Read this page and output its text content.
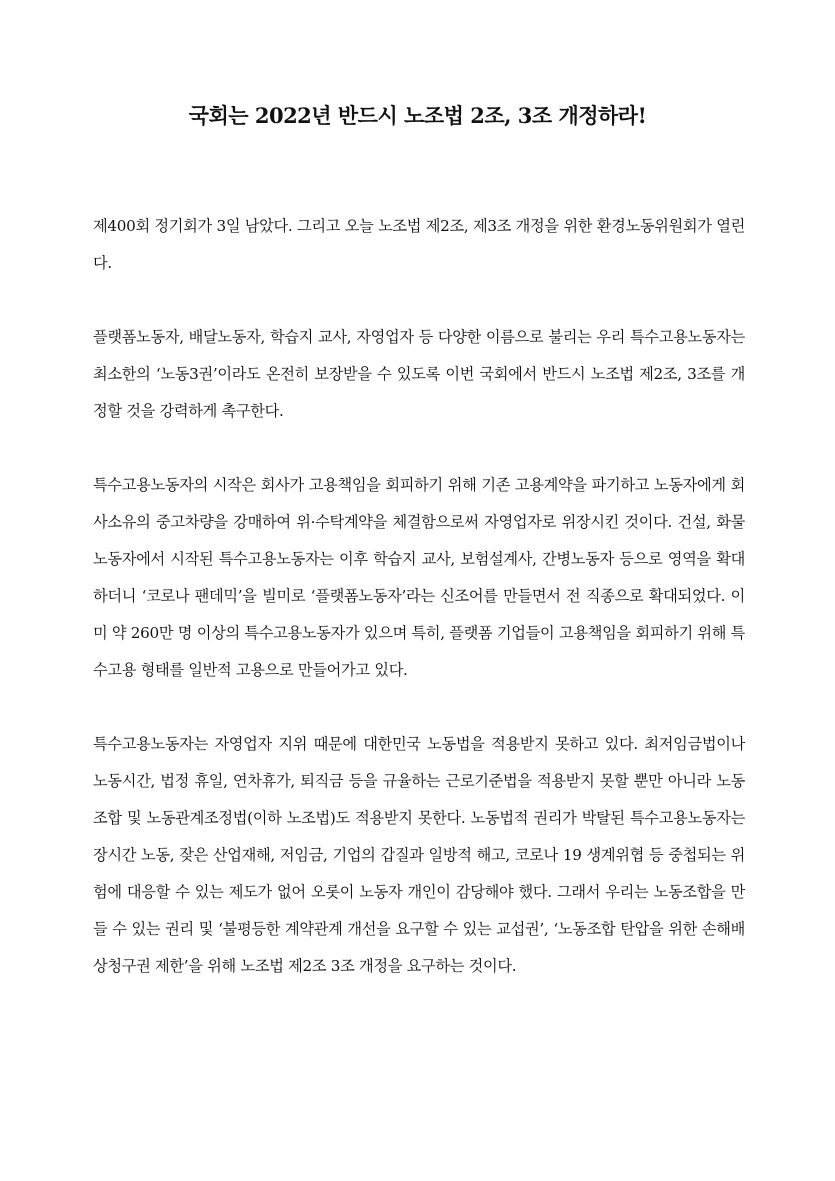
국회는 2022년 반드시 노조법 2조, 3조 개정하라!

제400회 정기회가 3일 남았다. 그리고 오늘 노조법 제2조, 제3조 개정을 위한 환경노동위원회가 열린다.

플랫폼노동자, 배달노동자, 학습지 교사, 자영업자 등 다양한 이름으로 불리는 우리 특수고용노동자는 최소한의 ‘노동3권’이라도 온전히 보장받을 수 있도록 이번 국회에서 반드시 노조법 제2조, 3조를 개정할 것을 강력하게 촉구한다.

특수고용노동자의 시작은 회사가 고용책임을 회피하기 위해 기존 고용계약을 파기하고 노동자에게 회사소유의 중고차량을 강매하여 위·수탁계약을 체결함으로써 자영업자로 위장시킨 것이다. 건설, 화물노동자에서 시작된 특수고용노동자는 이후 학습지 교사, 보험설계사, 간병노동자 등으로 영역을 확대하더니 ‘코로나 팬데믹’을 빌미로 ‘플랫폼노동자’라는 신조어를 만들면서 전 직종으로 확대되었다. 이미 약 260만 명 이상의 특수고용노동자가 있으며 특히, 플랫폼 기업들이 고용책임을 회피하기 위해 특수고용 형태를 일반적 고용으로 만들어가고 있다.

특수고용노동자는 자영업자 지위 때문에 대한민국 노동법을 적용받지 못하고 있다. 최저임금법이나 노동시간, 법정 휴일, 연차휴가, 퇴직금 등을 규율하는 근로기준법을 적용받지 못할 뿐만 아니라 노동조합 및 노동관계조정법(이하 노조법)도 적용받지 못한다. 노동법적 권리가 박탈된 특수고용노동자는 장시간 노동, 잦은 산업재해, 저임금, 기업의 갑질과 일방적 해고, 코로나 19 생계위협 등 중첩되는 위험에 대응할 수 있는 제도가 없어 오롯이 노동자 개인이 감당해야 했다. 그래서 우리는 노동조합을 만들 수 있는 권리 및 ‘불평등한 계약관계 개선을 요구할 수 있는 교섭권’, ‘노동조합 탄압을 위한 손해배상청구권 제한’을 위해 노조법 제2조 3조 개정을 요구하는 것이다.
